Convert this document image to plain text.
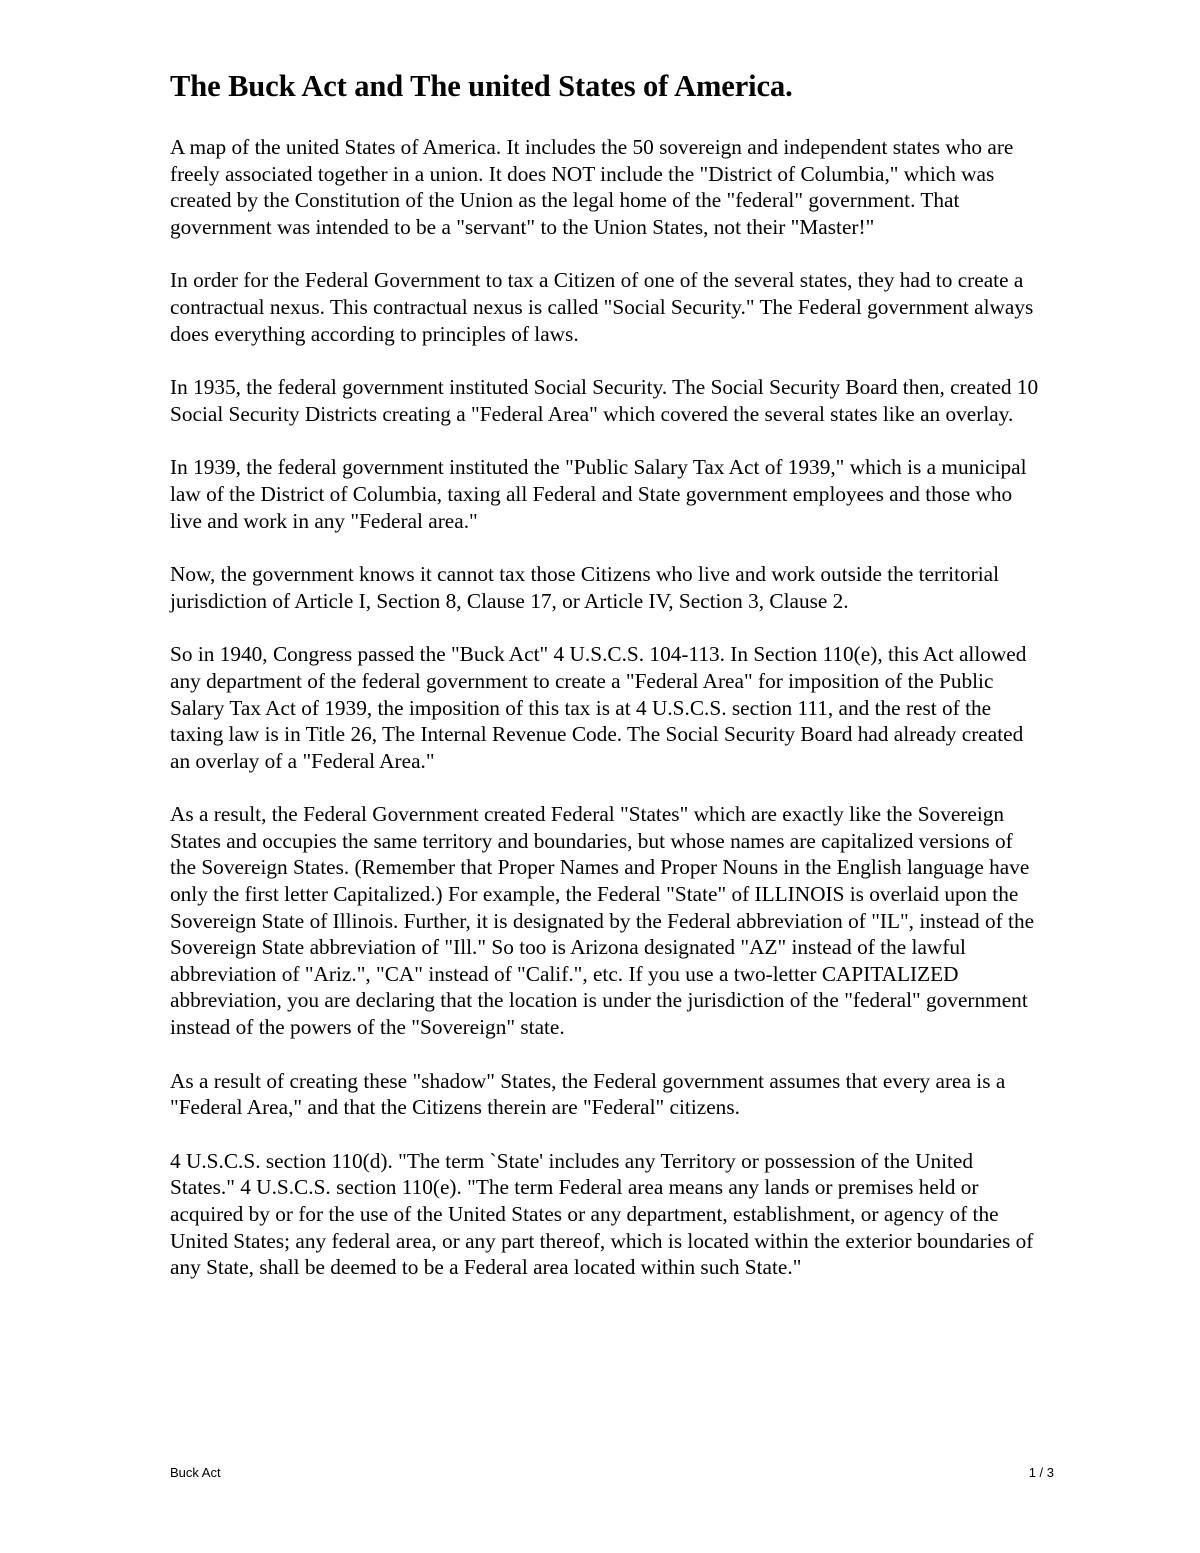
The Buck Act and The united States of America.

A map of the united States of America. It includes the 50 sovereign and independent states who are freely associated together in a union. It does NOT include the "District of Columbia," which was created by the Constitution of the Union as the legal home of the "federal" government. That government was intended to be a "servant" to the Union States, not their "Master!"

In order for the Federal Government to tax a Citizen of one of the several states, they had to create a contractual nexus. This contractual nexus is called "Social Security." The Federal government always does everything according to principles of laws.

In 1935, the federal government instituted Social Security. The Social Security Board then, created 10 Social Security Districts creating a "Federal Area" which covered the several states like an overlay.

In 1939, the federal government instituted the "Public Salary Tax Act of 1939," which is a municipal law of the District of Columbia, taxing all Federal and State government employees and those who live and work in any "Federal area."

Now, the government knows it cannot tax those Citizens who live and work outside the territorial jurisdiction of Article I, Section 8, Clause 17, or Article IV, Section 3, Clause 2.

So in 1940, Congress passed the "Buck Act" 4 U.S.C.S. 104-113. In Section 110(e), this Act allowed any department of the federal government to create a "Federal Area" for imposition of the Public Salary Tax Act of 1939, the imposition of this tax is at 4 U.S.C.S. section 111, and the rest of the taxing law is in Title 26, The Internal Revenue Code. The Social Security Board had already created an overlay of a "Federal Area."

As a result, the Federal Government created Federal "States" which are exactly like the Sovereign States and occupies the same territory and boundaries, but whose names are capitalized versions of the Sovereign States. (Remember that Proper Names and Proper Nouns in the English language have only the first letter Capitalized.) For example, the Federal "State" of ILLINOIS is overlaid upon the Sovereign State of Illinois. Further, it is designated by the Federal abbreviation of "IL", instead of the Sovereign State abbreviation of "Ill." So too is Arizona designated "AZ" instead of the lawful abbreviation of "Ariz.", "CA" instead of "Calif.", etc. If you use a two-letter CAPITALIZED abbreviation, you are declaring that the location is under the jurisdiction of the "federal" government instead of the powers of the "Sovereign" state.

As a result of creating these "shadow" States, the Federal government assumes that every area is a "Federal Area," and that the Citizens therein are "Federal" citizens.

4 U.S.C.S. section 110(d). "The term `State' includes any Territory or possession of the United States." 4 U.S.C.S. section 110(e). "The term Federal area means any lands or premises held or acquired by or for the use of the United States or any department, establishment, or agency of the United States; any federal area, or any part thereof, which is located within the exterior boundaries of any State, shall be deemed to be a Federal area located within such State."

Buck Act	1 / 3
